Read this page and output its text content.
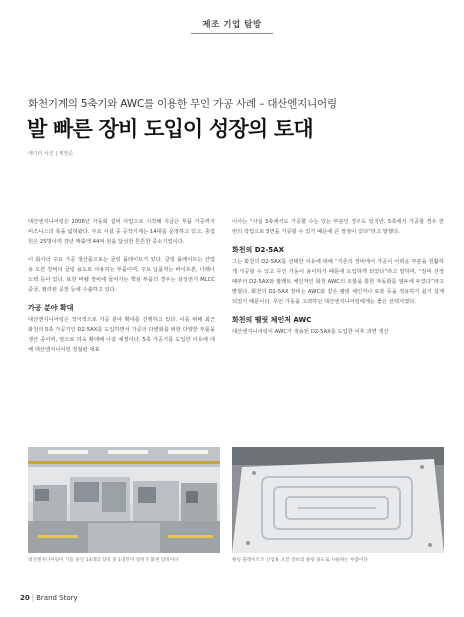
제조 기업 탐방
화천기계의 5축기와 AWC를 이용한 무인 가공 사례 – 대산엔지니어링
발 빠른 장비 도입이 성장의 토대
에디터 사진 | 계열준

대산엔지니어링은 2008년 자동화 설비 사업으로 시작해 지금은 부품 가공까지 비즈니스의 폭을 넓혀왔다. 주요 시설 중 공작기계는 14대를 운영하고 있고, 종업원은 25명이며 작년 매출액 44억 원을 달성한 튼튼한 중소기업이다.

이 회사의 주요 가공 생산품으로는 클링 플레이트가 있다. 클링 플레이트는 산업용 오븐 장비의 클링 용도로 사용하는 부품이며, 주요 납품처는 바이트론, 나래나노텍 등이 있다. 또한 바렐 장비에 들어가는 핵심 부품의 경우는 삼성전기 MLCC 중국, 필리핀 공장 등에 수출하고 있다.

가공 분야 확대

대산엔지니어링은 적극적으로 가공 분야 확대를 진행하고 있다. 이를 위해 최근 화천의 5축 가공기인 D2-5AX를 도입하면서 가공의 다변화를 위한 다양한 부품을 생산 중이며, 앞으로 더욱 확대해 나갈 예정이다. 5축 가공기를 도입한 이유에 대해 대산엔지니어링 정철판 대표

이사는 “사실 3축에서도 가공할 수는 있는 부분인 경우도 있지만, 5축에서 가공할 경우 한 번의 작업으로 5면을 가공할 수 있기 때문에 큰 장점이 있다”라고 말했다.

화천의 D2-5AX

그는 화천의 D2-5AX를 선택한 이유에 대해 “기존의 장비에서 가공이 어려운 부분을 원활하게 가공할 수 있고 무인 가동이 용이하기 때문에 도입하게 되었다”라고 말하며, “장비 선정 때부터 D2-5AX와 팔레트 체인저인 화천 AWC의 조합을 통한 자동화를 염두에 두었다”라고 밝혔다. 화천의 D2-5AX 장비는 AWC와 같은 팰릿 체인저나 로봇 등을 적용하기 쉽기 설계되었기 때문이다. 무인 가동을 고려하던 대산엔지니어링에게는 좋은 선택지였다.

화천의 팰릿 체인저 AWC

대산엔지니어링이 AWC가 적용된 D2-5AX를 도입한 이후 과연 생산

대산엔지니어링이 가동 중인 14대의 장비 중 1대만이 장비가 화천 장비이다	클링 플레이트즈 산업용 오븐 장비의 클링 용도로 사용하는 부품이다
20 | Brand Story
